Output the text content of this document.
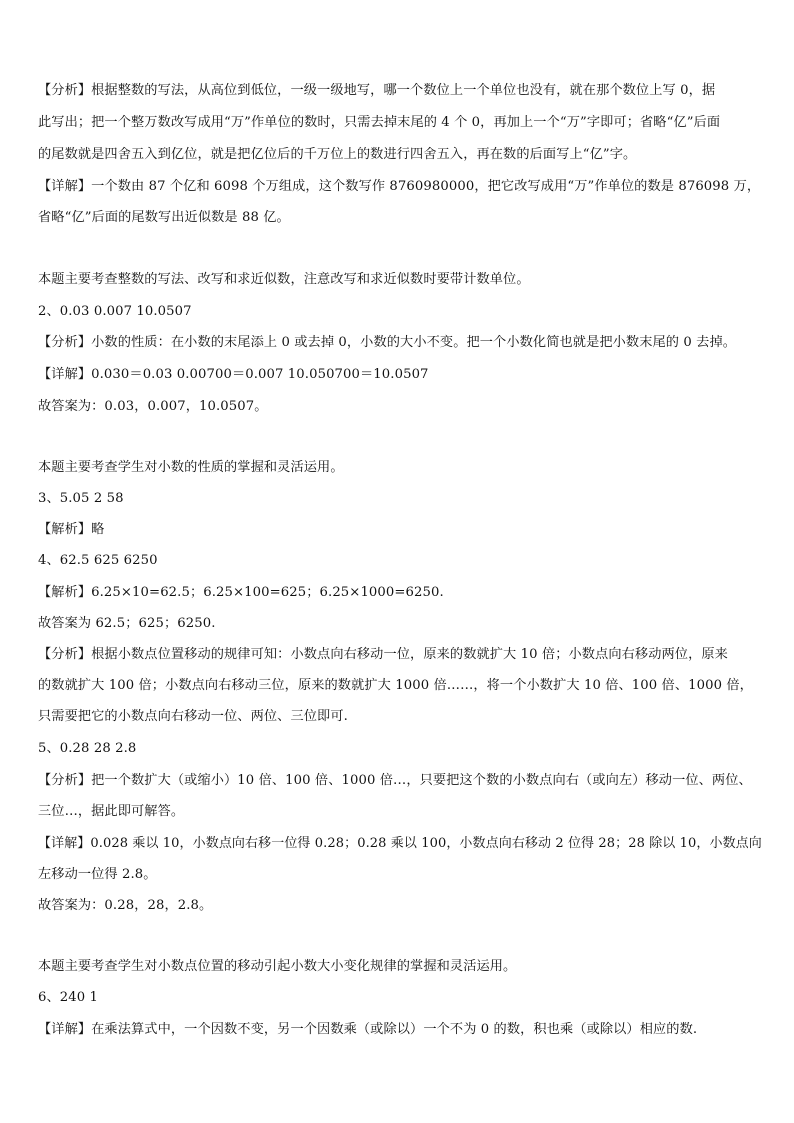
【分析】根据整数的写法，从高位到低位，一级一级地写，哪一个数位上一个单位也没有，就在那个数位上写 0，据
此写出；把一个整万数改写成用“万”作单位的数时，只需去掉末尾的 4 个 0，再加上一个“万”字即可；省略“亿”后面
的尾数就是四舍五入到亿位，就是把亿位后的千万位上的数进行四舍五入，再在数的后面写上“亿”字。
【详解】一个数由 87 个亿和 6098 个万组成，这个数写作 8760980000，把它改写成用“万”作单位的数是 876098 万，
省略“亿”后面的尾数写出近似数是 88 亿。
本题主要考查整数的写法、改写和求近似数，注意改写和求近似数时要带计数单位。
2、0.03 0.007 10.0507
【分析】小数的性质：在小数的末尾添上 0 或去掉 0，小数的大小不变。把一个小数化简也就是把小数末尾的 0 去掉。
【详解】0.030＝0.03 0.00700＝0.007 10.050700＝10.0507
故答案为：0.03，0.007，10.0507。
本题主要考查学生对小数的性质的掌握和灵活运用。
3、5.05 2 58
【解析】略
4、62.5 625 6250
【解析】6.25×10=62.5；6.25×100=625；6.25×1000=6250.
故答案为 62.5；625；6250.
【分析】根据小数点位置移动的规律可知：小数点向右移动一位，原来的数就扩大 10 倍；小数点向右移动两位，原来
的数就扩大 100 倍；小数点向右移动三位，原来的数就扩大 1000 倍……，将一个小数扩大 10 倍、100 倍、1000 倍，
只需要把它的小数点向右移动一位、两位、三位即可.
5、0.28 28 2.8
【分析】把一个数扩大（或缩小）10 倍、100 倍、1000 倍…，只要把这个数的小数点向右（或向左）移动一位、两位、
三位…，据此即可解答。
【详解】0.028 乘以 10，小数点向右移一位得 0.28；0.28 乘以 100，小数点向右移动 2 位得 28；28 除以 10，小数点向
左移动一位得 2.8。
故答案为：0.28，28，2.8。
本题主要考查学生对小数点位置的移动引起小数大小变化规律的掌握和灵活运用。
6、240 1
【详解】在乘法算式中，一个因数不变，另一个因数乘（或除以）一个不为 0 的数，积也乘（或除以）相应的数.
